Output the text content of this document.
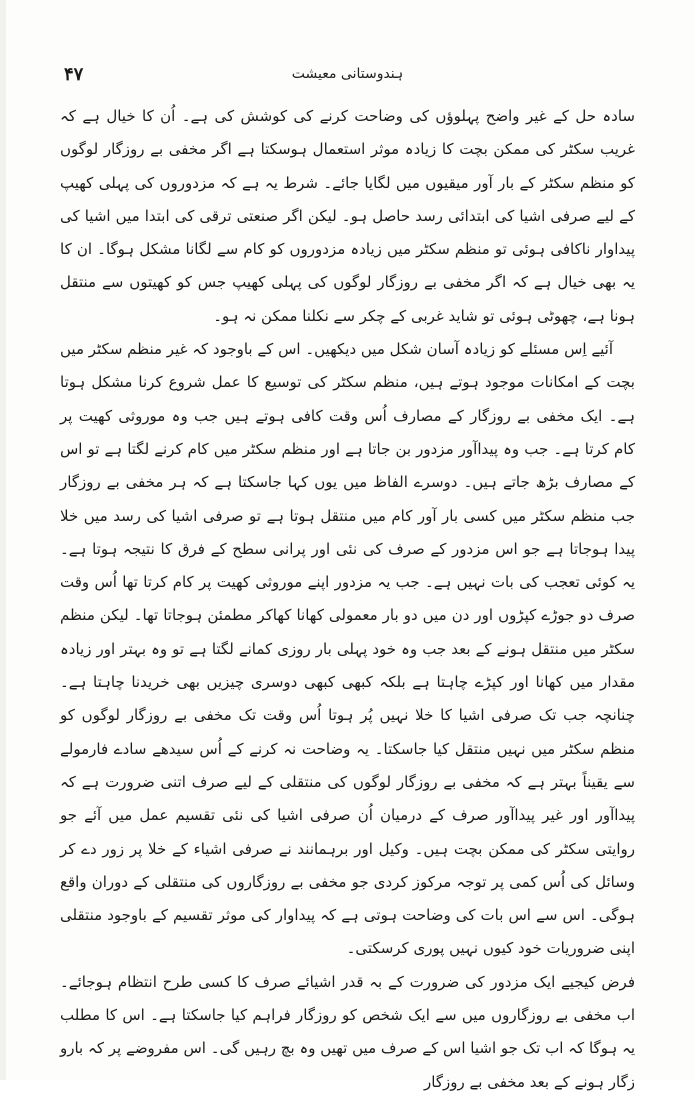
۴۷	ہندوستانی معیشت

سادہ حل کے غیر واضح پہلوؤں کی وضاحت کرنے کی کوشش کی ہے۔ اُن کا خیال ہے کہ غریب سکٹر کی ممکن بچت کا زیادہ موثر استعمال ہوسکتا ہے اگر مخفی بے روزگار لوگوں کو منظم سکٹر کے بار آور میقیوں میں لگایا جائے۔ شرط یہ ہے کہ مزدوروں کی پہلی کھیپ کے لیے صرفی اشیا کی ابتدائی رسد حاصل ہو۔ لیکن اگر صنعتی ترقی کی ابتدا میں اشیا کی پیداوار ناکافی ہوئی تو منظم سکٹر میں زیادہ مزدوروں کو کام سے لگانا مشکل ہوگا۔ ان کا یہ بھی خیال ہے کہ اگر مخفی بے روزگار لوگوں کی پہلی کھیپ جس کو کھیتوں سے منتقل ہونا ہے، چھوٹی ہوئی تو شاید غربی کے چکر سے نکلنا ممکن نہ ہو۔

آئیے اِس مسئلے کو زیادہ آسان شکل میں دیکھیں۔ اس کے باوجود کہ غیر منظم سکٹر میں بچت کے امکانات موجود ہوتے ہیں، منظم سکٹر کی توسیع کا عمل شروع کرنا مشکل ہوتا ہے۔ ایک مخفی بے روزگار کے مصارف اُس وقت کافی ہوتے ہیں جب وہ موروثی کھیت پر کام کرتا ہے۔ جب وہ پیداآور مزدور بن جاتا ہے اور منظم سکٹر میں کام کرنے لگتا ہے تو اس کے مصارف بڑھ جاتے ہیں۔ دوسرے الفاظ میں یوں کہا جاسکتا ہے کہ ہر مخفی بے روزگار جب منظم سکٹر میں کسی بار آور کام میں منتقل ہوتا ہے تو صرفی اشیا کی رسد میں خلا پیدا ہوجاتا ہے جو اس مزدور کے صرف کی نئی اور پرانی سطح کے فرق کا نتیجہ ہوتا ہے۔ یہ کوئی تعجب کی بات نہیں ہے۔ جب یہ مزدور اپنے موروثی کھیت پر کام کرتا تھا اُس وقت صرف دو جوڑے کپڑوں اور دن میں دو بار معمولی کھانا کھاکر مطمئن ہوجاتا تھا۔ لیکن منظم سکٹر میں منتقل ہونے کے بعد جب وہ خود پہلی بار روزی کمانے لگتا ہے تو وہ بہتر اور زیادہ مقدار میں کھانا اور کپڑے چاہتا ہے بلکہ کبھی کبھی دوسری چیزیں بھی خریدنا چاہتا ہے۔ چنانچہ جب تک صرفی اشیا کا خلا نہیں پُر ہوتا اُس وقت تک مخفی بے روزگار لوگوں کو منظم سکٹر میں نہیں منتقل کیا جاسکتا۔ یہ وضاحت نہ کرنے کے اُس سیدھے سادے فارمولے سے یقیناً بہتر ہے کہ مخفی بے روزگار لوگوں کی منتقلی کے لیے صرف اتنی ضرورت ہے کہ پیداآور اور غیر پیداآور صرف کے درمیان اُن صرفی اشیا کی نئی تقسیم عمل میں آئے جو روایتی سکٹر کی ممکن بچت ہیں۔ وکیل اور برہمانند نے صرفی اشیاء کے خلا پر زور دے کر وسائل کی اُس کمی پر توجہ مرکوز کردی جو مخفی بے روزگاروں کی منتقلی کے دوران واقع ہوگی۔ اس سے اس بات کی وضاحت ہوتی ہے کہ پیداوار کی موثر تقسیم کے باوجود منتقلی اپنی ضروریات خود کیوں نہیں پوری کرسکتی۔

فرض کیجیے ایک مزدور کی ضرورت کے بہ قدر اشیائے صرف کا کسی طرح انتظام ہوجائے۔ اب مخفی بے روزگاروں میں سے ایک شخص کو روزگار فراہم کیا جاسکتا ہے۔ اس کا مطلب یہ ہوگا کہ اب تک جو اشیا اس کے صرف میں تھیں وہ بچ رہیں گی۔ اس مفروضے پر کہ بارو زگار ہونے کے بعد مخفی بے روزگار
